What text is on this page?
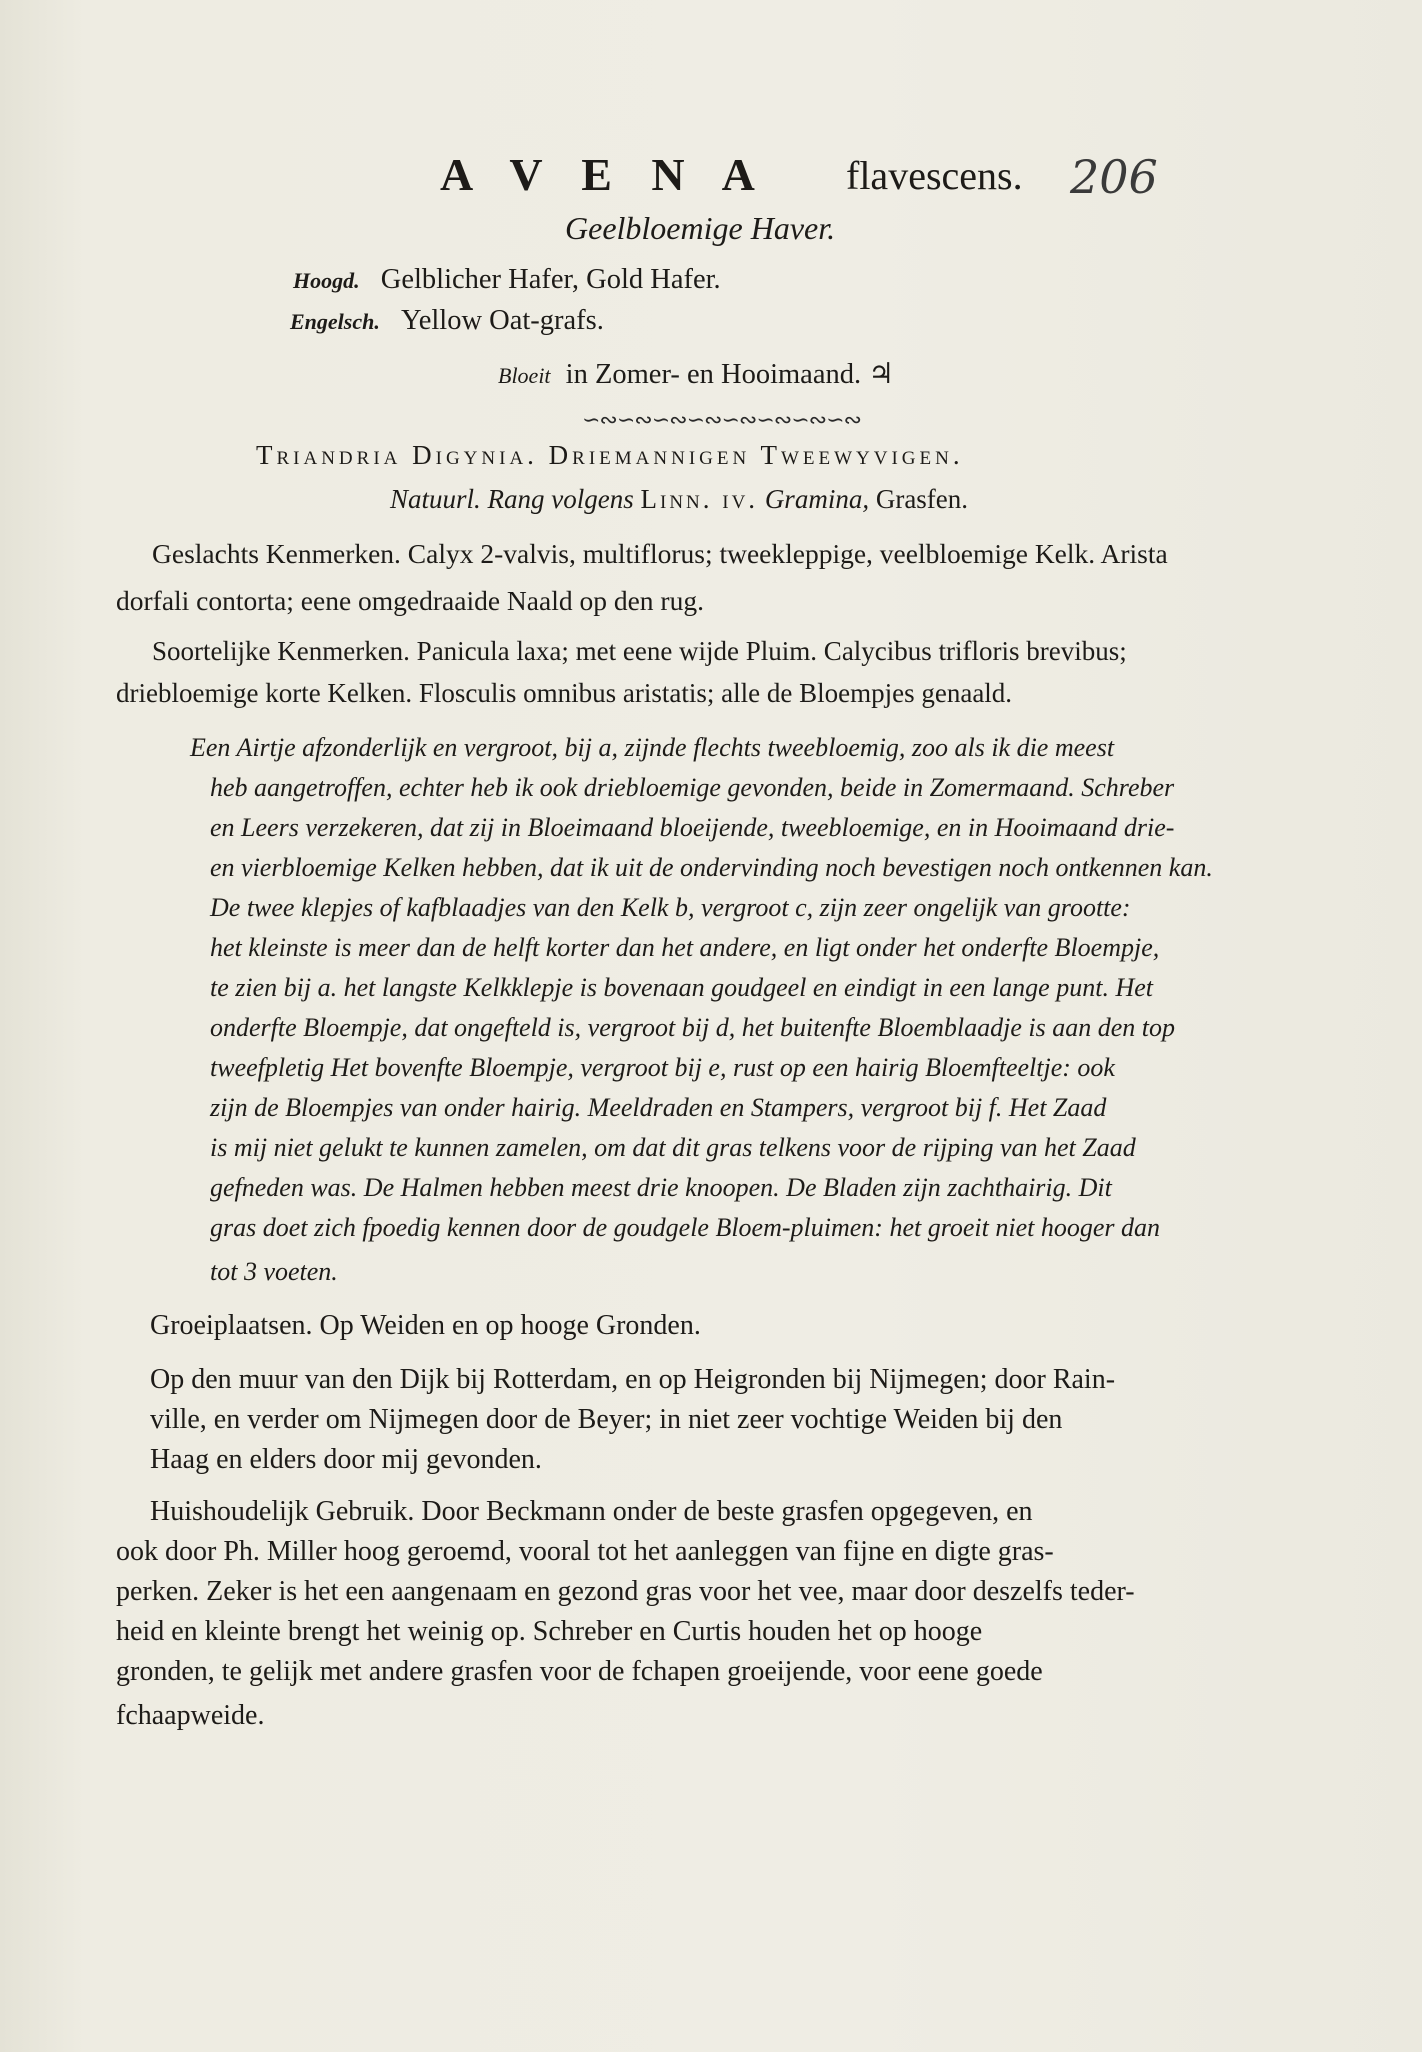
A V E N A flavescens. 206
Geelbloemige Haver.
Hoogd. Gelblicher Hafer, Gold Hafer.
Engelsch. Yellow Oat-grafs.
Bloeit in Zomer- en Hooimaand. ♃
∽∾∽∾∽∾∽∾∽∾∽∾∽∾∽∾
Triandria Digynia. Driemannigen Tweewyvigen.
Natuurl. Rang volgens Linn. iv. Gramina, Grasfen.
Geslachts Kenmerken. Calyx 2-valvis, multiflorus; tweekleppige, veelbloemige Kelk. Arista
dorfali contorta; eene omgedraaide Naald op den rug.
Soortelijke Kenmerken. Panicula laxa; met eene wijde Pluim. Calycibus trifloris brevibus;
driebloemige korte Kelken. Flosculis omnibus aristatis; alle de Bloempjes genaald.
Een Airtje afzonderlijk en vergroot, bij a, zijnde flechts tweebloemig, zoo als ik die meest
heb aangetroffen, echter heb ik ook driebloemige gevonden, beide in Zomermaand. Schreber
en Leers verzekeren, dat zij in Bloeimaand bloeijende, tweebloemige, en in Hooimaand drie-
en vierbloemige Kelken hebben, dat ik uit de ondervinding noch bevestigen noch ontkennen kan.
De twee klepjes of kafblaadjes van den Kelk b, vergroot c, zijn zeer ongelijk van grootte:
het kleinste is meer dan de helft korter dan het andere, en ligt onder het onderfte Bloempje,
te zien bij a. het langste Kelkklepje is bovenaan goudgeel en eindigt in een lange punt. Het
onderfte Bloempje, dat ongefteld is, vergroot bij d, het buitenfte Bloemblaadje is aan den top
tweefpletig Het bovenfte Bloempje, vergroot bij e, rust op een hairig Bloemfteeltje: ook
zijn de Bloempjes van onder hairig. Meeldraden en Stampers, vergroot bij f. Het Zaad
is mij niet gelukt te kunnen zamelen, om dat dit gras telkens voor de rijping van het Zaad
gefneden was. De Halmen hebben meest drie knoopen. De Bladen zijn zachthairig. Dit
gras doet zich fpoedig kennen door de goudgele Bloem-pluimen: het groeit niet hooger dan
tot 3 voeten.
Groeiplaatsen. Op Weiden en op hooge Gronden.
Op den muur van den Dijk bij Rotterdam, en op Heigronden bij Nijmegen; door Rain-
ville, en verder om Nijmegen door de Beyer; in niet zeer vochtige Weiden bij den
Haag en elders door mij gevonden.
Huishoudelijk Gebruik. Door Beckmann onder de beste grasfen opgegeven, en
ook door Ph. Miller hoog geroemd, vooral tot het aanleggen van fijne en digte gras-
perken. Zeker is het een aangenaam en gezond gras voor het vee, maar door deszelfs teder-
heid en kleinte brengt het weinig op. Schreber en Curtis houden het op hooge
gronden, te gelijk met andere grasfen voor de fchapen groeijende, voor eene goede
fchaapweide.
